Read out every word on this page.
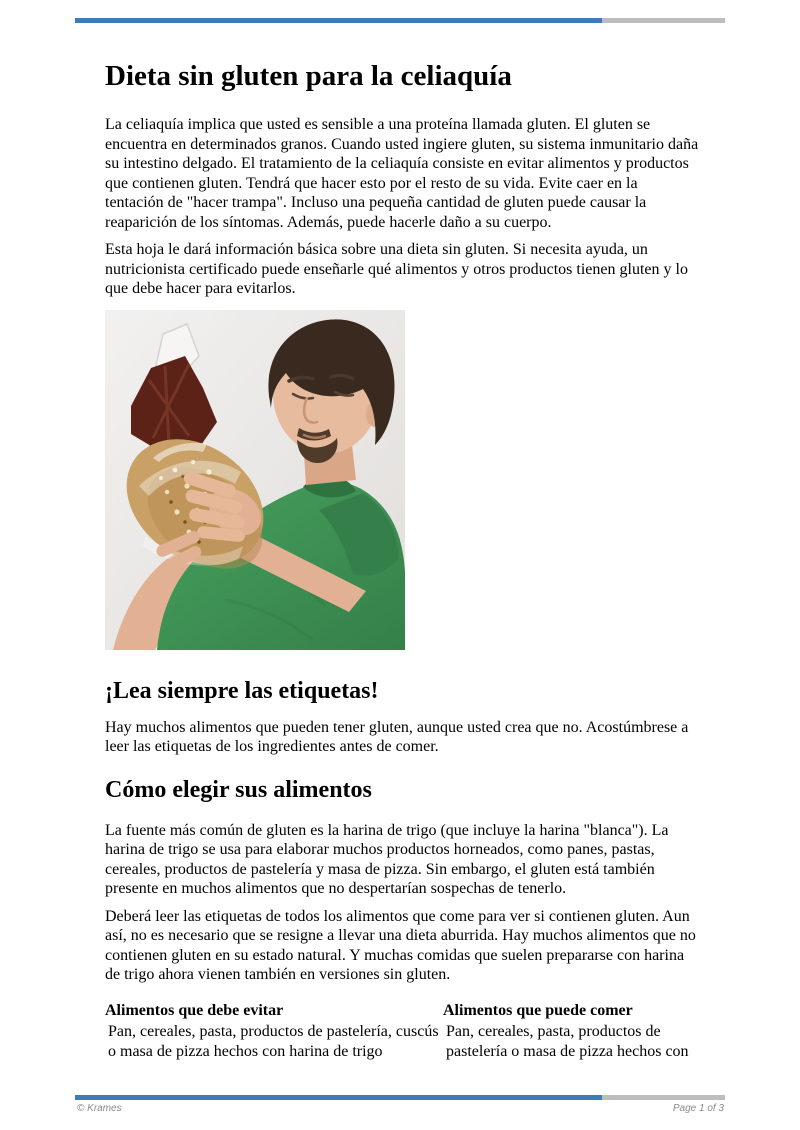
Dieta sin gluten para la celiaquía

La celiaquía implica que usted es sensible a una proteína llamada gluten. El gluten se encuentra en determinados granos. Cuando usted ingiere gluten, su sistema inmunitario daña su intestino delgado. El tratamiento de la celiaquía consiste en evitar alimentos y productos que contienen gluten. Tendrá que hacer esto por el resto de su vida. Evite caer en la tentación de "hacer trampa". Incluso una pequeña cantidad de gluten puede causar la reaparición de los síntomas. Además, puede hacerle daño a su cuerpo.

Esta hoja le dará información básica sobre una dieta sin gluten. Si necesita ayuda, un nutricionista certificado puede enseñarle qué alimentos y otros productos tienen gluten y lo que debe hacer para evitarlos.

¡Lea siempre las etiquetas!

Hay muchos alimentos que pueden tener gluten, aunque usted crea que no. Acostúmbrese a leer las etiquetas de los ingredientes antes de comer.

Cómo elegir sus alimentos

La fuente más común de gluten es la harina de trigo (que incluye la harina "blanca"). La harina de trigo se usa para elaborar muchos productos horneados, como panes, pastas, cereales, productos de pastelería y masa de pizza. Sin embargo, el gluten está también presente en muchos alimentos que no despertarían sospechas de tenerlo.

Deberá leer las etiquetas de todos los alimentos que come para ver si contienen gluten. Aun así, no es necesario que se resigne a llevar una dieta aburrida. Hay muchos alimentos que no contienen gluten en su estado natural. Y muchas comidas que suelen prepararse con harina de trigo ahora vienen también en versiones sin gluten.

Alimentos que debe evitar

Pan, cereales, pasta, productos de pastelería, cuscús o masa de pizza hechos con harina de trigo

Alimentos que puede comer

Pan, cereales, pasta, productos de pastelería o masa de pizza hechos con

© Krames	Page 1 of 3
